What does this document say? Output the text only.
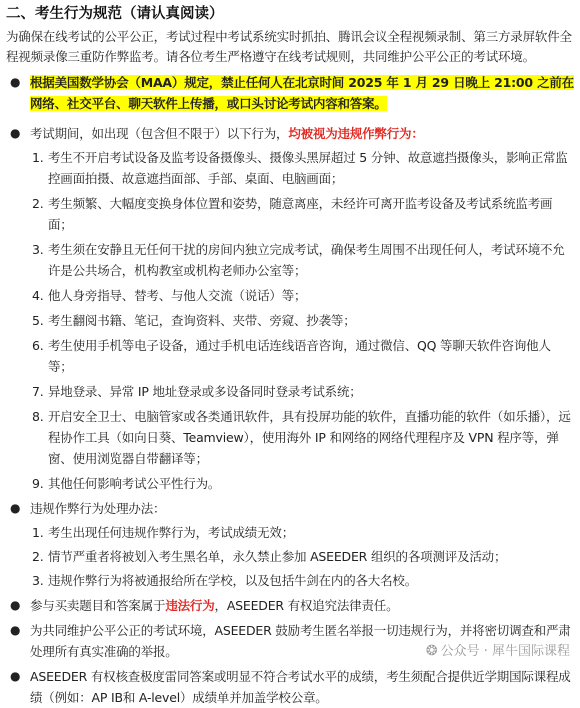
二、考生行为规范（请认真阅读）
为确保在线考试的公平公正，考试过程中考试系统实时抓拍、腾讯会议全程视频录制、第三方录屏软件全程视频录像三重防作弊监考。请各位考生严格遵守在线考试规则，共同维护公平公正的考试环境。
● 根据美国数学协会（MAA）规定，禁止任何人在北京时间 2025 年 1 月 29 日晚上 21:00 之前在网络、社交平台、聊天软件上传播，或口头讨论考试内容和答案。
● 考试期间，如出现（包含但不限于）以下行为，均被视为违规作弊行为：
1. 考生不开启考试设备及监考设备摄像头、摄像头黑屏超过 5 分钟、故意遮挡摄像头，影响正常监控画面拍摄、故意遮挡面部、手部、桌面、电脑画面；
2. 考生频繁、大幅度变换身体位置和姿势，随意离座，未经许可离开监考设备及考试系统监考画面；
3. 考生须在安静且无任何干扰的房间内独立完成考试，确保考生周围不出现任何人，考试环境不允许是公共场合，机构教室或机构老师办公室等；
4. 他人身旁指导、替考、与他人交流（说话）等；
5. 考生翻阅书籍、笔记，查询资料、夹带、旁窥、抄袭等；
6. 考生使用手机等电子设备，通过手机电话连线语音咨询，通过微信、QQ 等聊天软件咨询他人等；
7. 异地登录、异常 IP 地址登录或多设备同时登录考试系统；
8. 开启安全卫士、电脑管家或各类通讯软件，具有投屏功能的软件，直播功能的软件（如乐播），远程协作工具（如向日葵、Teamview），使用海外 IP 和网络的网络代理程序及 VPN 程序等，弹窗、使用浏览器自带翻译等；
9. 其他任何影响考试公平性行为。
● 违规作弊行为处理办法：
1. 考生出现任何违规作弊行为，考试成绩无效；
2. 情节严重者将被划入考生黑名单，永久禁止参加 ASEEDER 组织的各项测评及活动；
3. 违规作弊行为将被通报给所在学校，以及包括牛剑在内的各大名校。
● 参与买卖题目和答案属于违法行为，ASEEDER 有权追究法律责任。
● 为共同维护公平公正的考试环境，ASEEDER 鼓励考生匿名举报一切违规行为，并将密切调查和严肃处理所有真实准确的举报。
● ASEEDER 有权核查极度雷同答案或明显不符合考试水平的成绩，考生须配合提供近学期国际课程成绩（例如：AP IB和 A-level）成绩单并加盖学校公章。
❂ 公众号 · 犀牛国际课程
